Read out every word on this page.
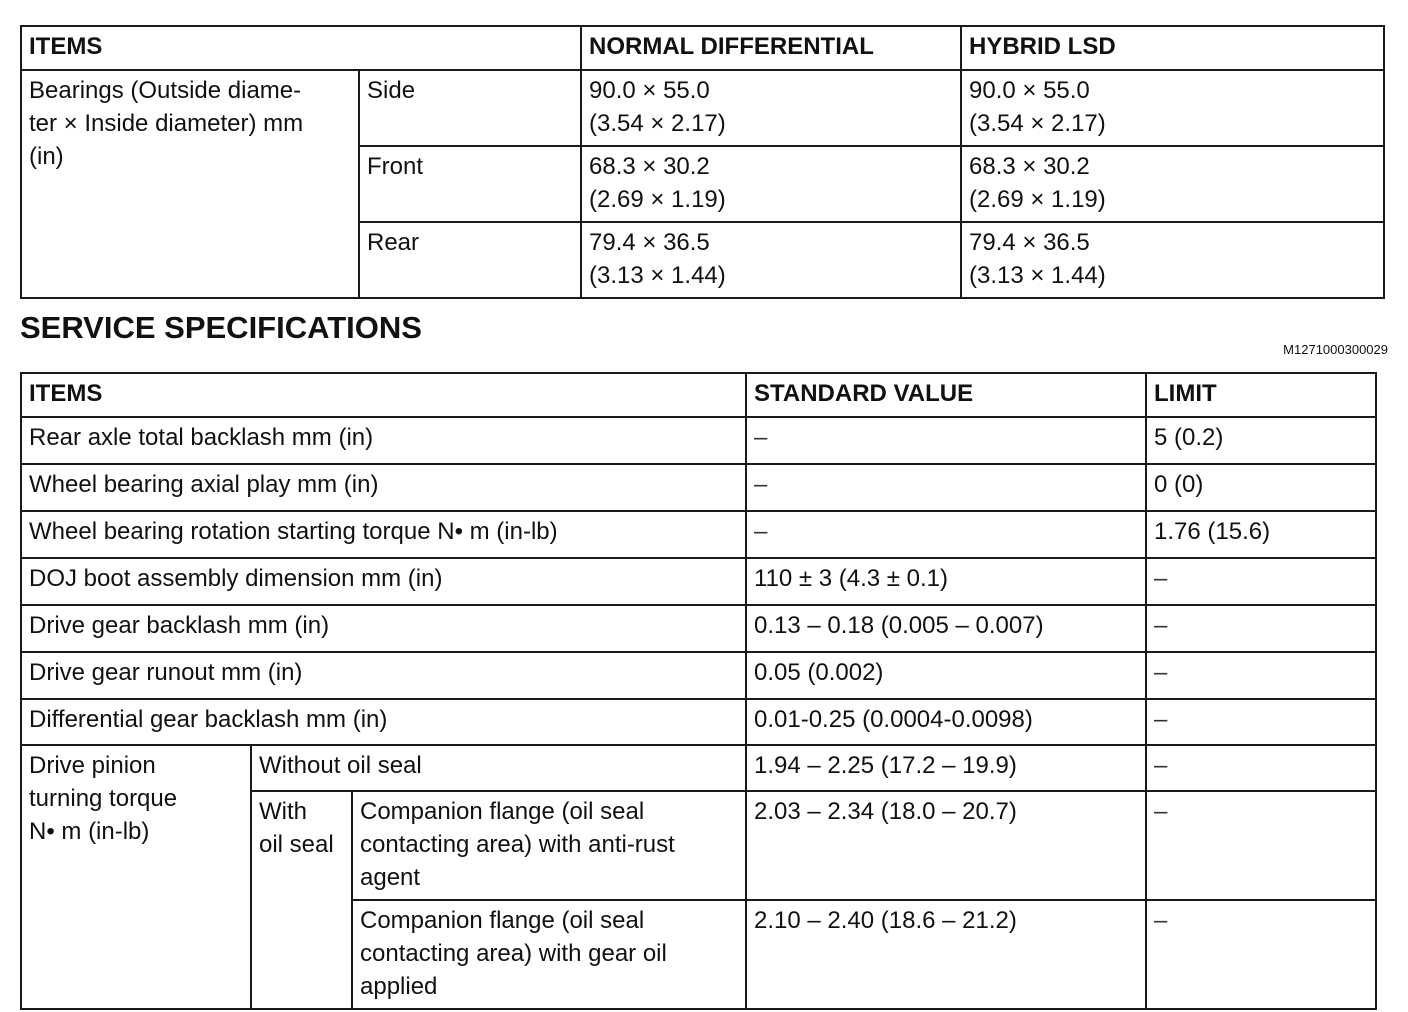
ITEMS		NORMAL DIFFERENTIAL	HYBRID LSD
Bearings (Outside diame-
ter × Inside diameter) mm
(in)	Side	90.0 × 55.0
(3.54 × 2.17)	90.0 × 55.0
(3.54 × 2.17)
	Front	68.3 × 30.2
(2.69 × 1.19)	68.3 × 30.2
(2.69 × 1.19)
	Rear	79.4 × 36.5
(3.13 × 1.44)	79.4 × 36.5
(3.13 × 1.44)
SERVICE SPECIFICATIONS
M1271000300029
ITEMS			STANDARD VALUE	LIMIT
Rear axle total backlash mm (in)			–	5 (0.2)
Wheel bearing axial play mm (in)			–	0 (0)
Wheel bearing rotation starting torque N• m (in-lb)			–	1.76 (15.6)
DOJ boot assembly dimension mm (in)			110 ± 3 (4.3 ± 0.1)	–
Drive gear backlash mm (in)			0.13 – 0.18 (0.005 – 0.007)	–
Drive gear runout mm (in)			0.05 (0.002)	–
Differential gear backlash mm (in)			0.01-0.25 (0.0004-0.0098)	–
Drive pinion
turning torque
N• m (in-lb)	Without oil seal		1.94 – 2.25 (17.2 – 19.9)	–
	With
oil seal	Companion flange (oil seal
contacting area) with anti-rust
agent	2.03 – 2.34 (18.0 – 20.7)	–
		Companion flange (oil seal
contacting area) with gear oil
applied	2.10 – 2.40 (18.6 – 21.2)	–
